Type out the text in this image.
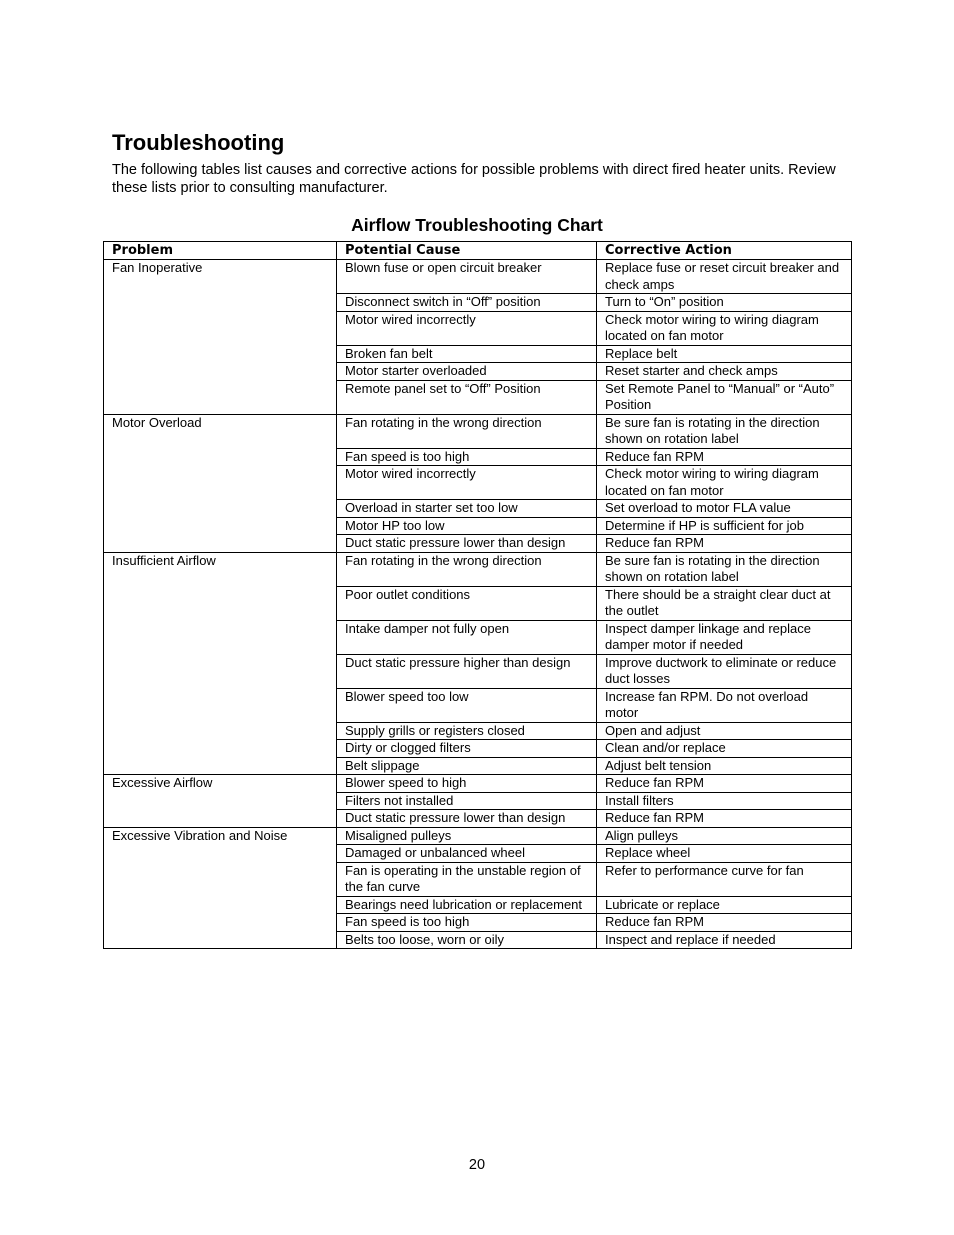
Troubleshooting

The following tables list causes and corrective actions for possible problems with direct fired heater units. Review these lists prior to consulting manufacturer.

Airflow Troubleshooting Chart

Problem	Potential Cause	Corrective Action
Fan Inoperative	Blown fuse or open circuit breaker	Replace fuse or reset circuit breaker and check amps
	Disconnect switch in “Off” position	Turn to “On” position
	Motor wired incorrectly	Check motor wiring to wiring diagram located on fan motor
	Broken fan belt	Replace belt
	Motor starter overloaded	Reset starter and check amps
	Remote panel set to “Off” Position	Set Remote Panel to “Manual” or “Auto” Position
Motor Overload	Fan rotating in the wrong direction	Be sure fan is rotating in the direction shown on rotation label
	Fan speed is too high	Reduce fan RPM
	Motor wired incorrectly	Check motor wiring to wiring diagram located on fan motor
	Overload in starter set too low	Set overload to motor FLA value
	Motor HP too low	Determine if HP is sufficient for job
	Duct static pressure lower than design	Reduce fan RPM
Insufficient Airflow	Fan rotating in the wrong direction	Be sure fan is rotating in the direction shown on rotation label
	Poor outlet conditions	There should be a straight clear duct at the outlet
	Intake damper not fully open	Inspect damper linkage and replace damper motor if needed
	Duct static pressure higher than design	Improve ductwork to eliminate or reduce duct losses
	Blower speed too low	Increase fan RPM. Do not overload motor
	Supply grills or registers closed	Open and adjust
	Dirty or clogged filters	Clean and/or replace
	Belt slippage	Adjust belt tension
Excessive Airflow	Blower speed to high	Reduce fan RPM
	Filters not installed	Install filters
	Duct static pressure lower than design	Reduce fan RPM
Excessive Vibration and Noise	Misaligned pulleys	Align pulleys
	Damaged or unbalanced wheel	Replace wheel
	Fan is operating in the unstable region of the fan curve	Refer to performance curve for fan
	Bearings need lubrication or replacement	Lubricate or replace
	Fan speed is too high	Reduce fan RPM
	Belts too loose, worn or oily	Inspect and replace if needed

20
